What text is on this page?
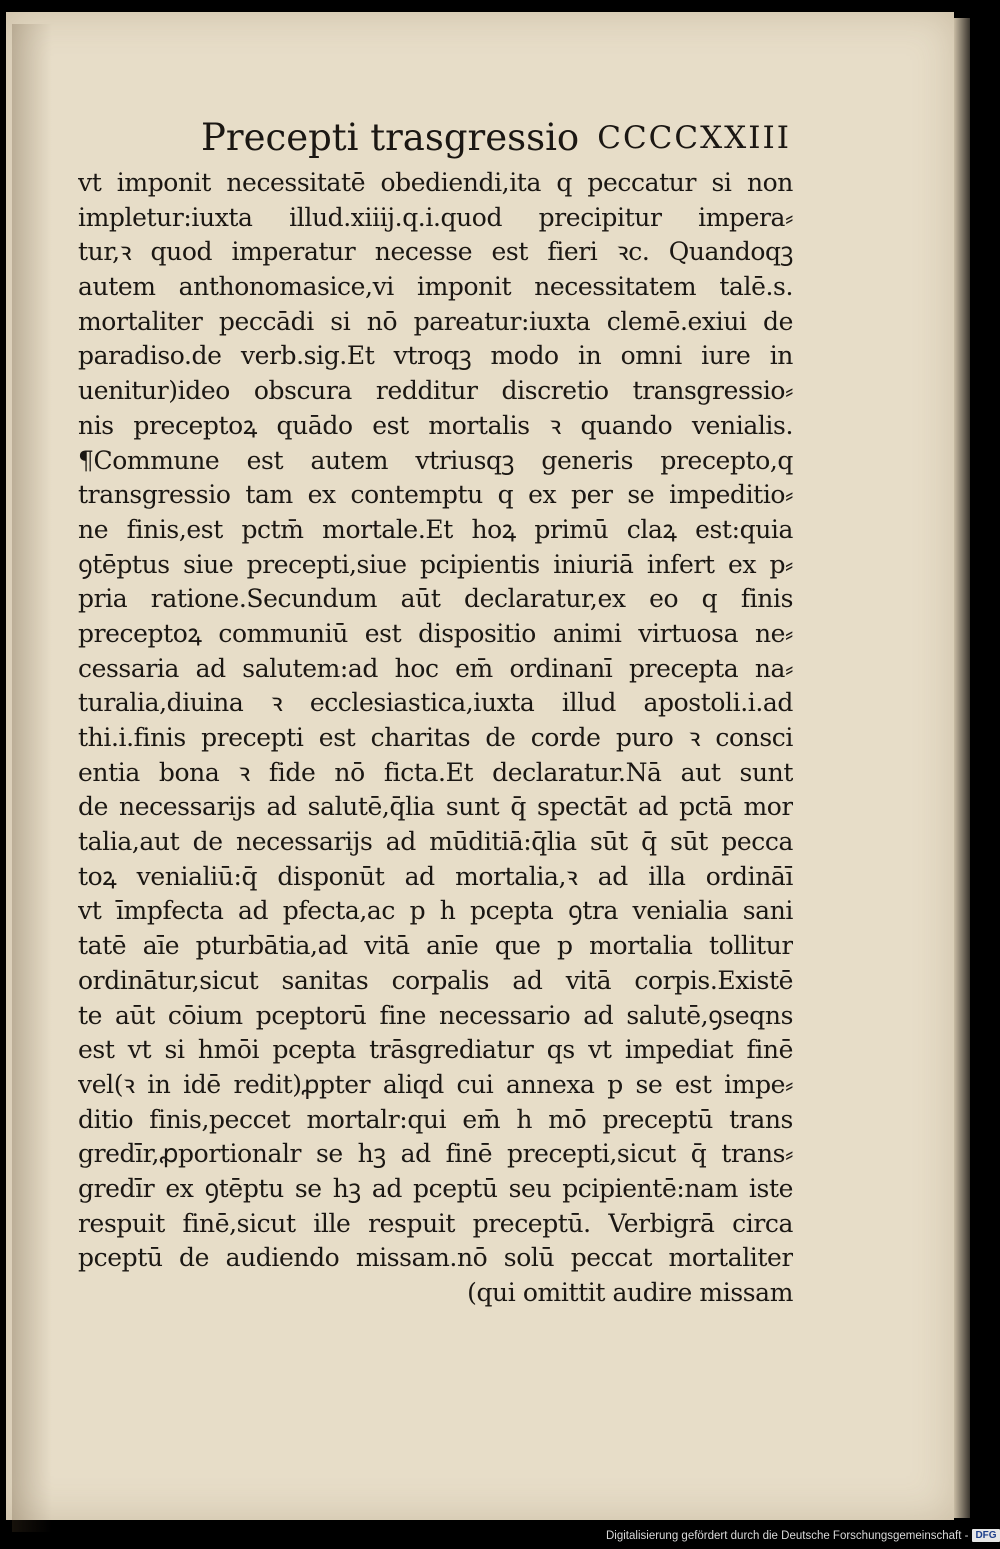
Precepti trasgressio CCCCXXIII
vt imponit necessitatē obediendi,ita q peccatur si non
impletur:iuxta illud.xiiij.q.i.quod precipitur impera⸗
tur,ꝛ quod imperatur necesse est fieri ꝛc. Quandoqꝫ
autem anthonomasice,vi imponit necessitatem talē.s.
mortaliter peccādi si nō pareatur:iuxta clemē.exiui de
paradiso.de verb.sig.Et vtroqꝫ modo in omni iure in
uenitur)ideo obscura redditur discretio transgressio⸗
nis preceptoꝝ quādo est mortalis ꝛ quando venialis.
¶Commune est autem vtriusqꝫ generis precepto,q
transgressio tam ex contemptu q ex per se impeditio⸗
ne finis,est pctm̄ mortale.Et hoꝝ primū claꝝ est:quia
ꝯtēptus siue precepti,siue pcipientis iniuriā infert ex p⸗
pria ratione.Secundum aūt declaratur,ex eo q finis
preceptoꝝ communiū est dispositio animi virtuosa ne⸗
cessaria ad salutem:ad hoc em̄ ordinanī precepta na⸗
turalia,diuina ꝛ ecclesiastica,iuxta illud apostoli.i.ad
thi.i.finis precepti est charitas de corde puro ꝛ consci
entia bona ꝛ fide nō ficta.Et declaratur.Nā aut sunt
de necessarijs ad salutē,q̄lia sunt q̄ spectāt ad pctā mor
talia,aut de necessarijs ad mūditiā:q̄lia sūt q̄ sūt pecca
toꝝ venialiū:q̄ disponūt ad mortalia,ꝛ ad illa ordināī
vt īmpfecta ad pfecta,ac p h pcepta ꝯtra venialia sani
tatē aīe pturbātia,ad vitā anīe que p mortalia tollitur
ordinātur,sicut sanitas corpalis ad vitā corpis.Existē
te aūt cōium pceptorū fine necessario ad salutē,ꝯseqns
est vt si hmōi pcepta trāsgrediatur qs vt impediat finē
vel(ꝛ in idē redit)ꝓpter aliqd cui annexa p se est impe⸗
ditio finis,peccet mortalr:qui em̄ h mō preceptū trans
gredīr,ꝓportionalr se hꝫ ad finē precepti,sicut q̄ trans⸗
gredīr ex ꝯtēptu se hꝫ ad pceptū seu pcipientē:nam iste
respuit finē,sicut ille respuit preceptū. Verbigrā circa
pceptū de audiendo missam.nō solū peccat mortaliter
(qui omittit audire missam
Digitalisierung gefördert durch die Deutsche Forschungsgemeinschaft - DFG
